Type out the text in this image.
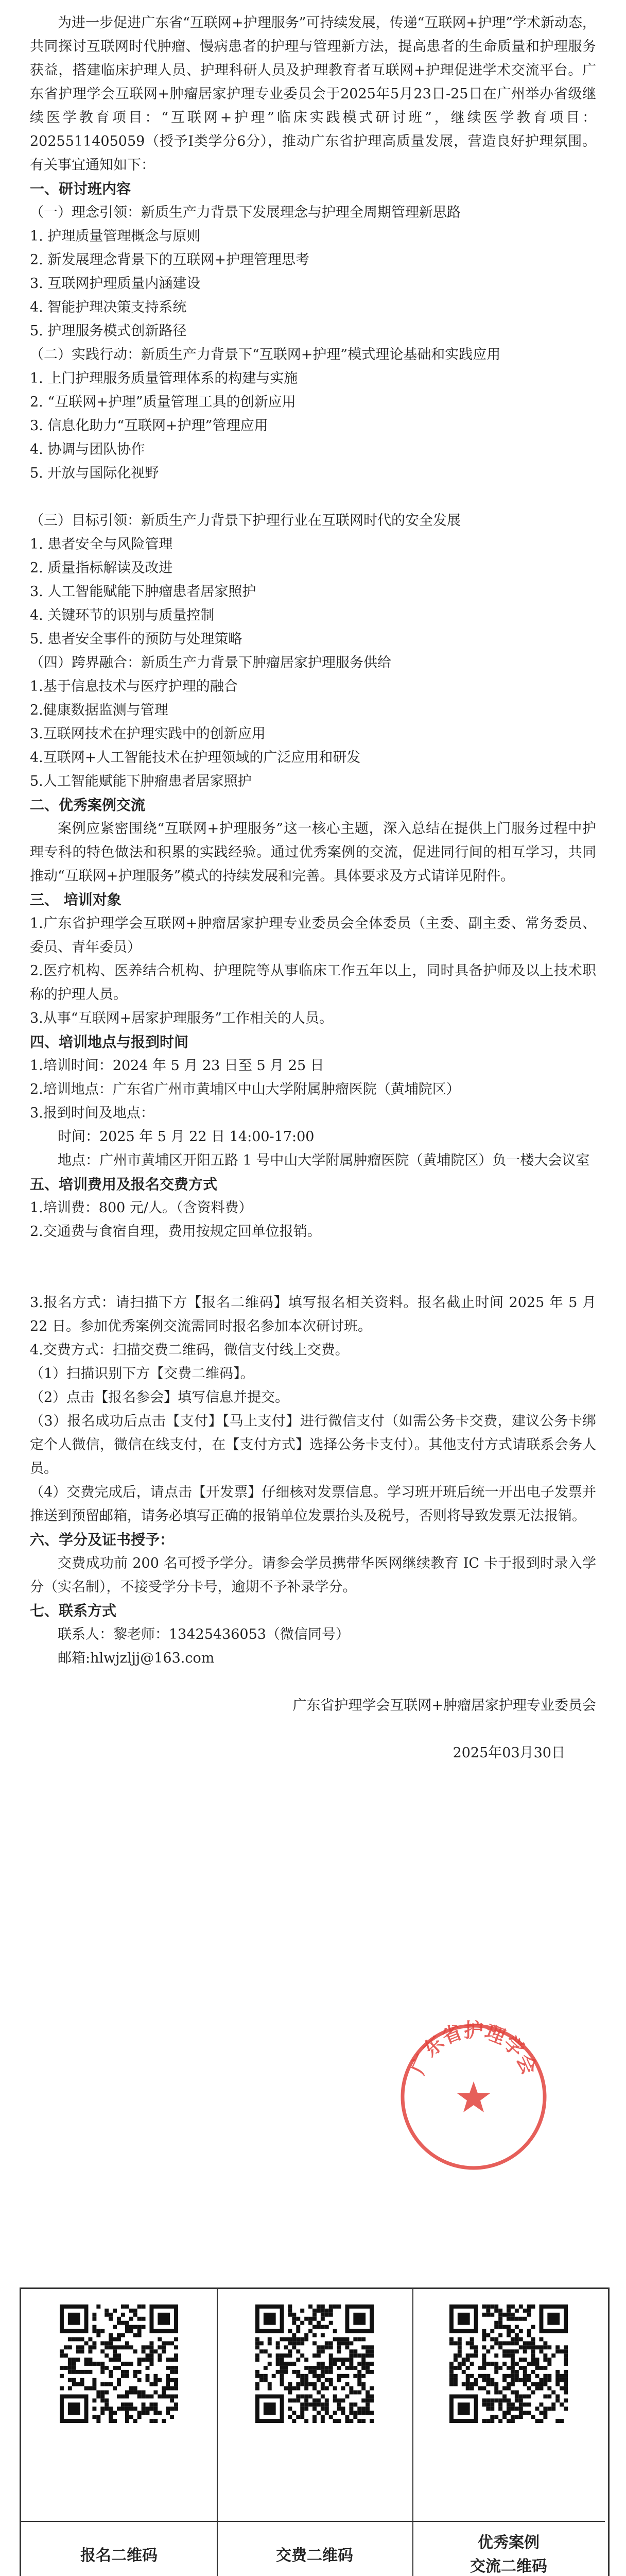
为进一步促进广东省“互联网+护理服务”可持续发展，传递“互联网+护理”学术新动态，共同探讨互联网时代肿瘤、慢病患者的护理与管理新方法，提高患者的生命质量和护理服务获益，搭建临床护理人员、护理科研人员及护理教育者互联网+护理促进学术交流平台。广东省护理学会互联网+肿瘤居家护理专业委员会于2025年5月23日-25日在广州举办省级继续医学教育项目：“互联网+护理”临床实践模式研讨班”，继续医学教育项目：2025511405059（授予Ⅰ类学分6分），推动广东省护理高质量发展，营造良好护理氛围。有关事宜通知如下：

一、研讨班内容

（一）理念引领：新质生产力背景下发展理念与护理全周期管理新思路

1. 护理质量管理概念与原则

2. 新发展理念背景下的互联网+护理管理思考

3. 互联网护理质量内涵建设

4. 智能护理决策支持系统

5. 护理服务模式创新路径

（二）实践行动：新质生产力背景下“互联网+护理”模式理论基础和实践应用

1. 上门护理服务质量管理体系的构建与实施

2. “互联网+护理”质量管理工具的创新应用

3. 信息化助力“互联网+护理”管理应用

4. 协调与团队协作

5. 开放与国际化视野

（三）目标引领：新质生产力背景下护理行业在互联网时代的安全发展

1. 患者安全与风险管理

2. 质量指标解读及改进

3. 人工智能赋能下肿瘤患者居家照护

4. 关键环节的识别与质量控制

5. 患者安全事件的预防与处理策略

（四）跨界融合：新质生产力背景下肿瘤居家护理服务供给

1.基于信息技术与医疗护理的融合

2.健康数据监测与管理

3.互联网技术在护理实践中的创新应用

4.互联网+人工智能技术在护理领域的广泛应用和研发

5.人工智能赋能下肿瘤患者居家照护

二、优秀案例交流

案例应紧密围绕“互联网+护理服务”这一核心主题，深入总结在提供上门服务过程中护理专科的特色做法和积累的实践经验。通过优秀案例的交流，促进同行间的相互学习，共同推动“互联网+护理服务”模式的持续发展和完善。具体要求及方式请详见附件。

三、 培训对象

1.广东省护理学会互联网+肿瘤居家护理专业委员会全体委员（主委、副主委、常务委员、委员、青年委员）

2.医疗机构、医养结合机构、护理院等从事临床工作五年以上，同时具备护师及以上技术职称的护理人员。

3.从事“互联网+居家护理服务”工作相关的人员。

四、培训地点与报到时间

1.培训时间：2024 年 5 月 23 日至 5 月 25 日

2.培训地点：广东省广州市黄埔区中山大学附属肿瘤医院（黄埔院区）

3.报到时间及地点：

时间：2025 年 5 月 22 日 14:00-17:00

地点：广州市黄埔区开阳五路 1 号中山大学附属肿瘤医院（黄埔院区）负一楼大会议室

五、培训费用及报名交费方式

1.培训费：800 元/人。（含资料费）

2.交通费与食宿自理，费用按规定回单位报销。

3.报名方式：请扫描下方【报名二维码】填写报名相关资料。报名截止时间 2025 年 5 月 22 日。参加优秀案例交流需同时报名参加本次研讨班。

4.交费方式：扫描交费二维码，微信支付线上交费。

（1）扫描识别下方【交费二维码】。

（2）点击【报名参会】填写信息并提交。

（3）报名成功后点击【支付】【马上支付】进行微信支付（如需公务卡交费，建议公务卡绑定个人微信，微信在线支付，在【支付方式】选择公务卡支付）。其他支付方式请联系会务人员。

（4）交费完成后，请点击【开发票】仔细核对发票信息。学习班开班后统一开出电子发票并推送到预留邮箱，请务必填写正确的报销单位发票抬头及税号，否则将导致发票无法报销。

六、学分及证书授予：

交费成功前 200 名可授予学分。请参会学员携带华医网继续教育 IC 卡于报到时录入学分（实名制），不接受学分卡号，逾期不予补录学分。

七、联系方式

联系人：黎老师：13425436053（微信同号）

邮箱:hlwjzljj@163.com

广东省护理学会互联网+肿瘤居家护理专业委员会

2025年03月30日

广东省护理学会
报名二维码	交费二维码
优秀案例
交流二维码
